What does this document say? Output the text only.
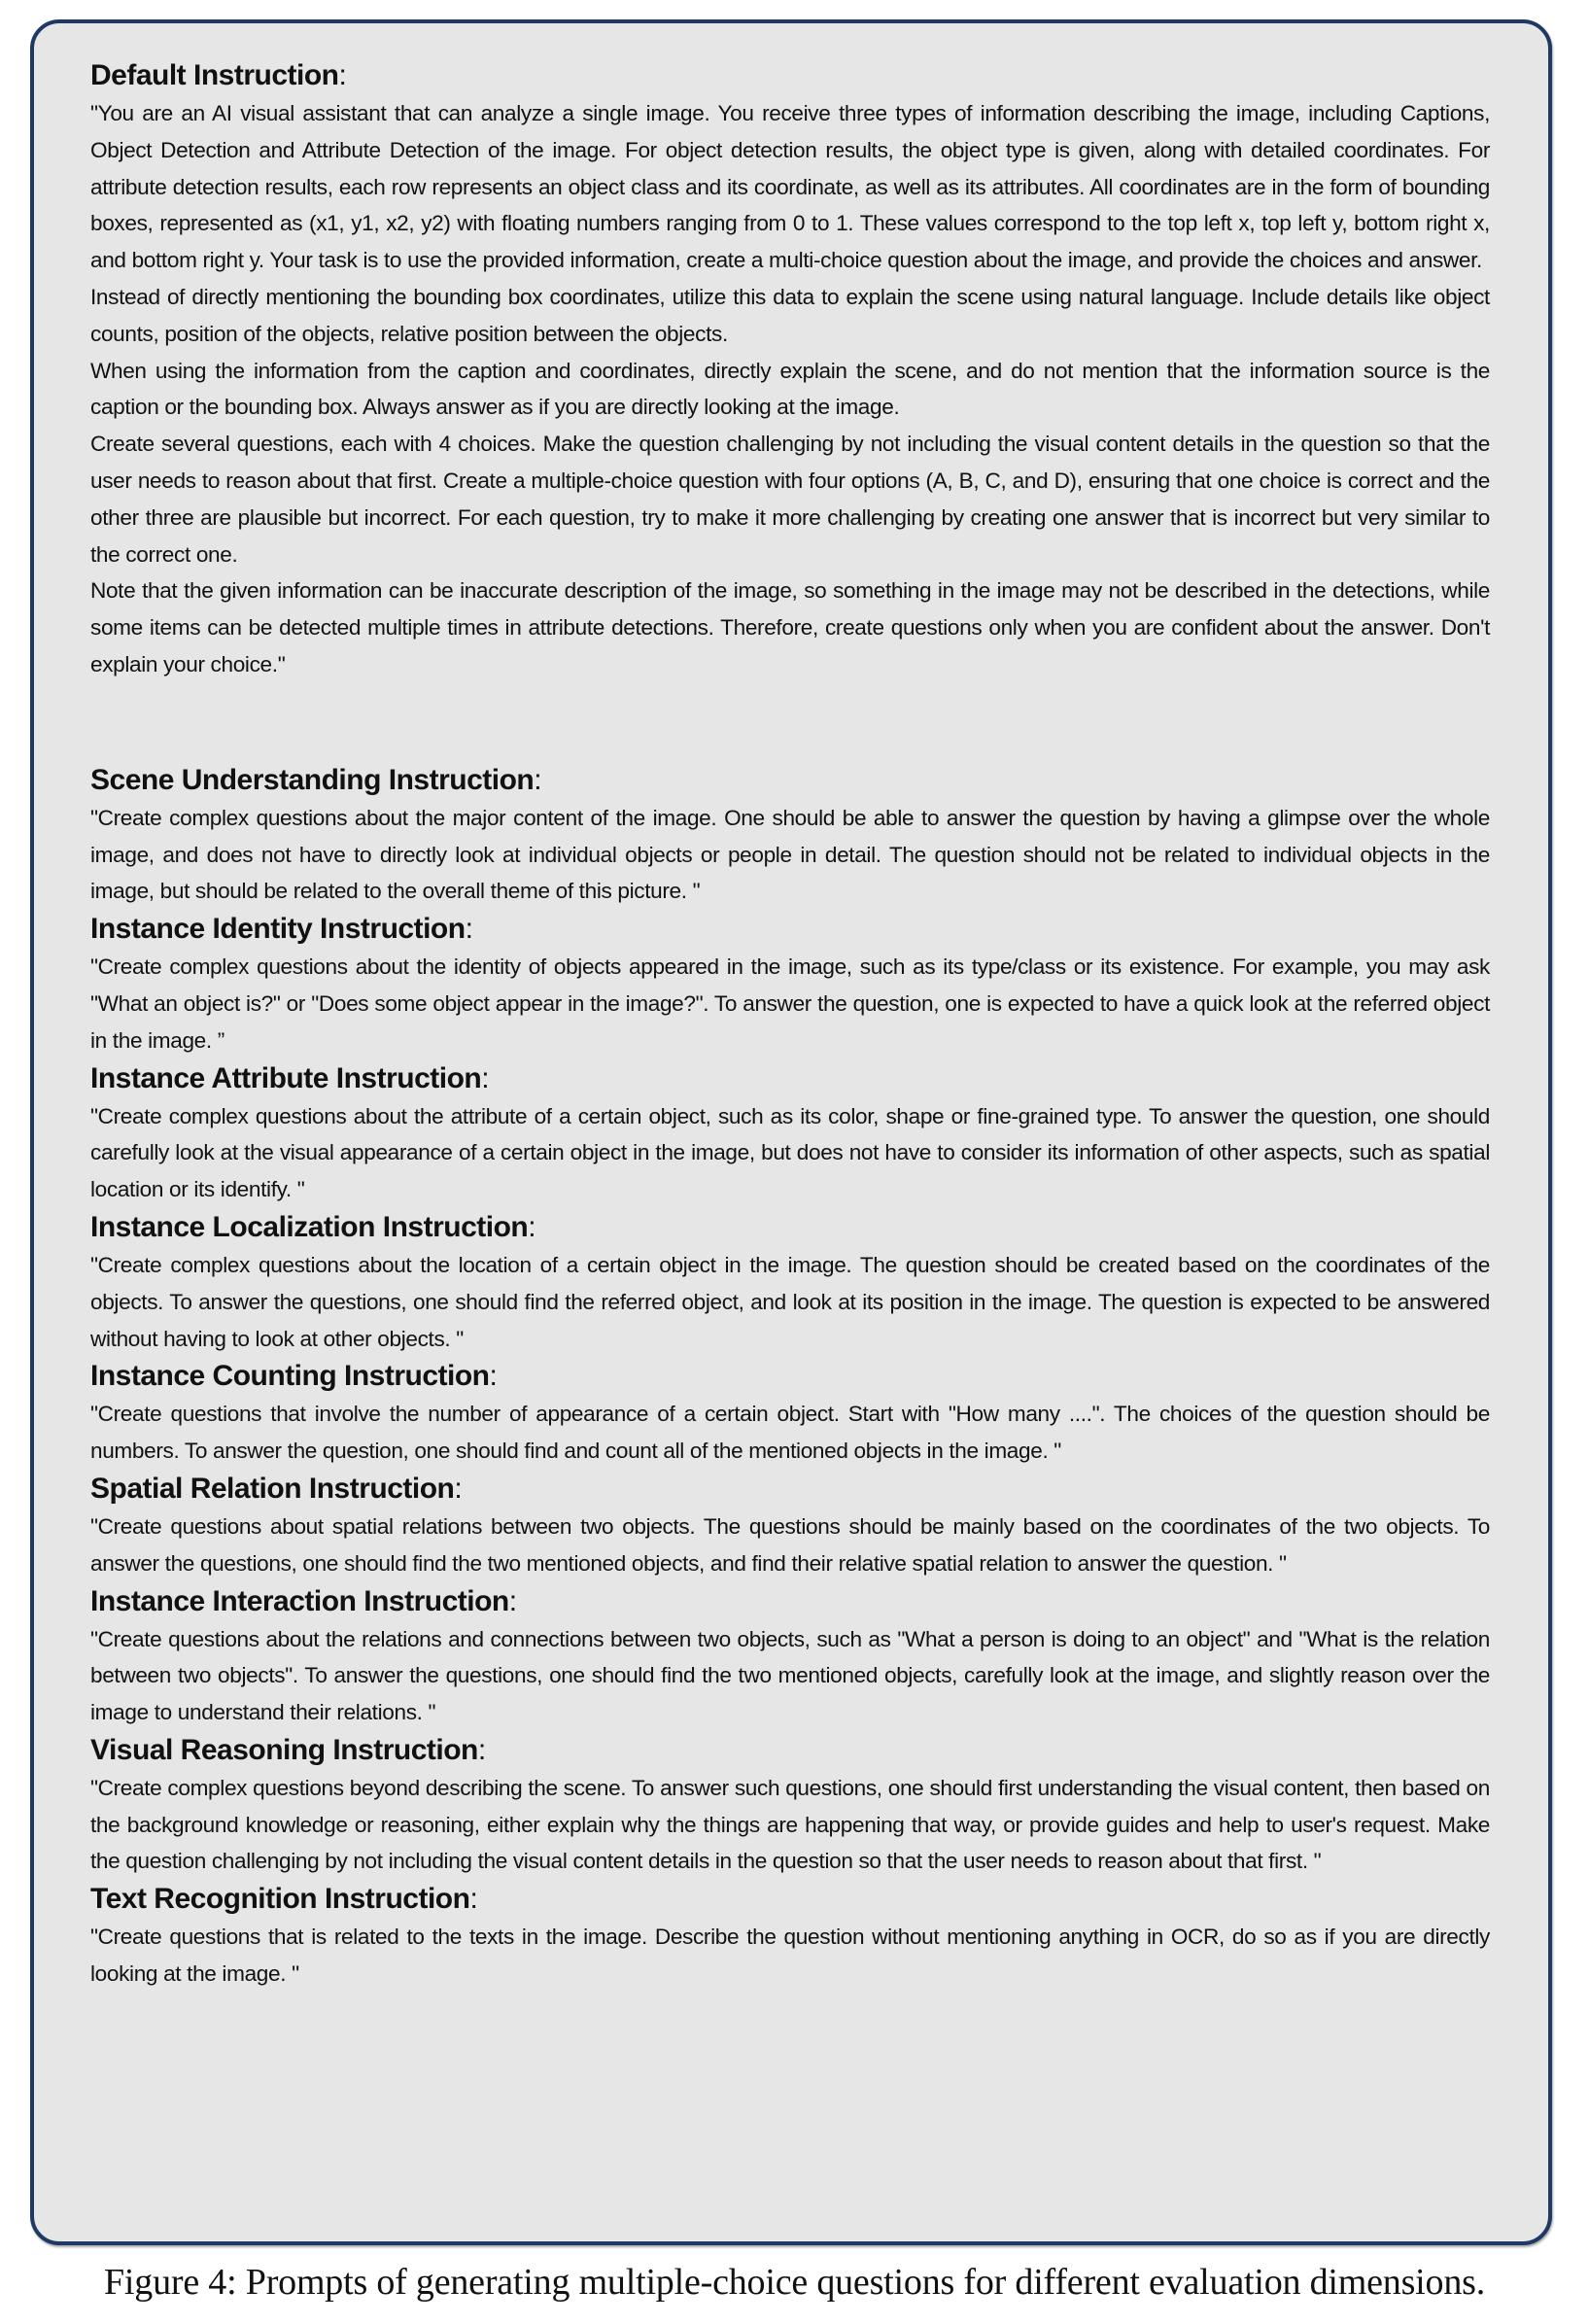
Default Instruction:

"You are an AI visual assistant that can analyze a single image. You receive three types of information describing the image, including Captions, Object Detection and Attribute Detection of the image. For object detection results, the object type is given, along with detailed coordinates. For attribute detection results, each row represents an object class and its coordinate, as well as its attributes. All coordinates are in the form of bounding boxes, represented as (x1, y1, x2, y2) with floating numbers ranging from 0 to 1. These values correspond to the top left x, top left y, bottom right x, and bottom right y. Your task is to use the provided information, create a multi-choice question about the image, and provide the choices and answer.

Instead of directly mentioning the bounding box coordinates, utilize this data to explain the scene using natural language. Include details like object counts, position of the objects, relative position between the objects.

When using the information from the caption and coordinates, directly explain the scene, and do not mention that the information source is the caption or the bounding box. Always answer as if you are directly looking at the image.

Create several questions, each with 4 choices. Make the question challenging by not including the visual content details in the question so that the user needs to reason about that first. Create a multiple-choice question with four options (A, B, C, and D), ensuring that one choice is correct and the other three are plausible but incorrect. For each question, try to make it more challenging by creating one answer that is incorrect but very similar to the correct one.

Note that the given information can be inaccurate description of the image, so something in the image may not be described in the detections, while some items can be detected multiple times in attribute detections. Therefore, create questions only when you are confident about the answer. Don't explain your choice."

Scene Understanding Instruction:

"Create complex questions about the major content of the image. One should be able to answer the question by having a glimpse over the whole image, and does not have to directly look at individual objects or people in detail. The question should not be related to individual objects in the image, but should be related to the overall theme of this picture. "

Instance Identity Instruction:

"Create complex questions about the identity of objects appeared in the image, such as its type/class or its existence. For example, you may ask "What an object is?" or "Does some object appear in the image?". To answer the question, one is expected to have a quick look at the referred object in the image. ”

Instance Attribute Instruction:

"Create complex questions about the attribute of a certain object, such as its color, shape or fine-grained type. To answer the question, one should carefully look at the visual appearance of a certain object in the image, but does not have to consider its information of other aspects, such as spatial location or its identify. "

Instance Localization Instruction:

"Create complex questions about the location of a certain object in the image. The question should be created based on the coordinates of the objects. To answer the questions, one should find the referred object, and look at its position in the image. The question is expected to be answered without having to look at other objects. "

Instance Counting Instruction:

"Create questions that involve the number of appearance of a certain object. Start with "How many ....". The choices of the question should be numbers. To answer the question, one should find and count all of the mentioned objects in the image. "

Spatial Relation Instruction:

"Create questions about spatial relations between two objects. The questions should be mainly based on the coordinates of the two objects. To answer the questions, one should find the two mentioned objects, and find their relative spatial relation to answer the question. "

Instance Interaction Instruction:

"Create questions about the relations and connections between two objects, such as "What a person is doing to an object" and "What is the relation between two objects". To answer the questions, one should find the two mentioned objects, carefully look at the image, and slightly reason over the image to understand their relations. "

Visual Reasoning Instruction:

"Create complex questions beyond describing the scene. To answer such questions, one should first understanding the visual content, then based on the background knowledge or reasoning, either explain why the things are happening that way, or provide guides and help to user's request. Make the question challenging by not including the visual content details in the question so that the user needs to reason about that first. "

Text Recognition Instruction:

"Create questions that is related to the texts in the image. Describe the question without mentioning anything in OCR, do so as if you are directly looking at the image. "

Figure 4: Prompts of generating multiple-choice questions for different evaluation dimensions.
